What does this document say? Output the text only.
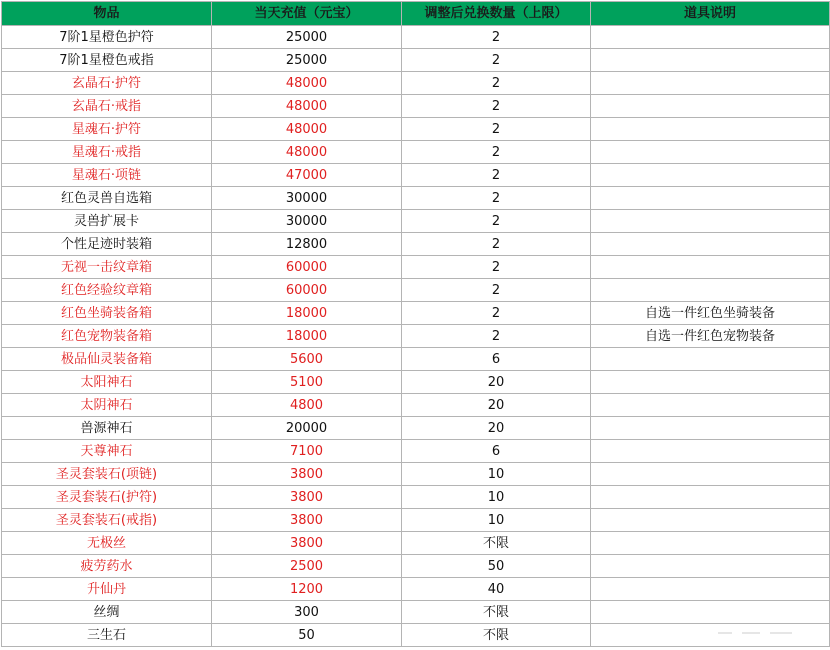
物品	当天充值（元宝）	调整后兑换数量（上限）	道具说明
7阶1星橙色护符	25000	2	
7阶1星橙色戒指	25000	2	
玄晶石·护符	48000	2	
玄晶石·戒指	48000	2	
星魂石·护符	48000	2	
星魂石·戒指	48000	2	
星魂石·项链	47000	2	
红色灵兽自选箱	30000	2	
灵兽扩展卡	30000	2	
个性足迹时装箱	12800	2	
无视一击纹章箱	60000	2	
红色经验纹章箱	60000	2	
红色坐骑装备箱	18000	2	自选一件红色坐骑装备
红色宠物装备箱	18000	2	自选一件红色宠物装备
极品仙灵装备箱	5600	6	
太阳神石	5100	20	
太阴神石	4800	20	
兽源神石	20000	20	
天尊神石	7100	6	
圣灵套装石(项链)	3800	10	
圣灵套装石(护符)	3800	10	
圣灵套装石(戒指)	3800	10	
无极丝	3800	不限	
疲劳药水	2500	50	
升仙丹	1200	40	
丝绸	300	不限	
三生石	50	不限	
